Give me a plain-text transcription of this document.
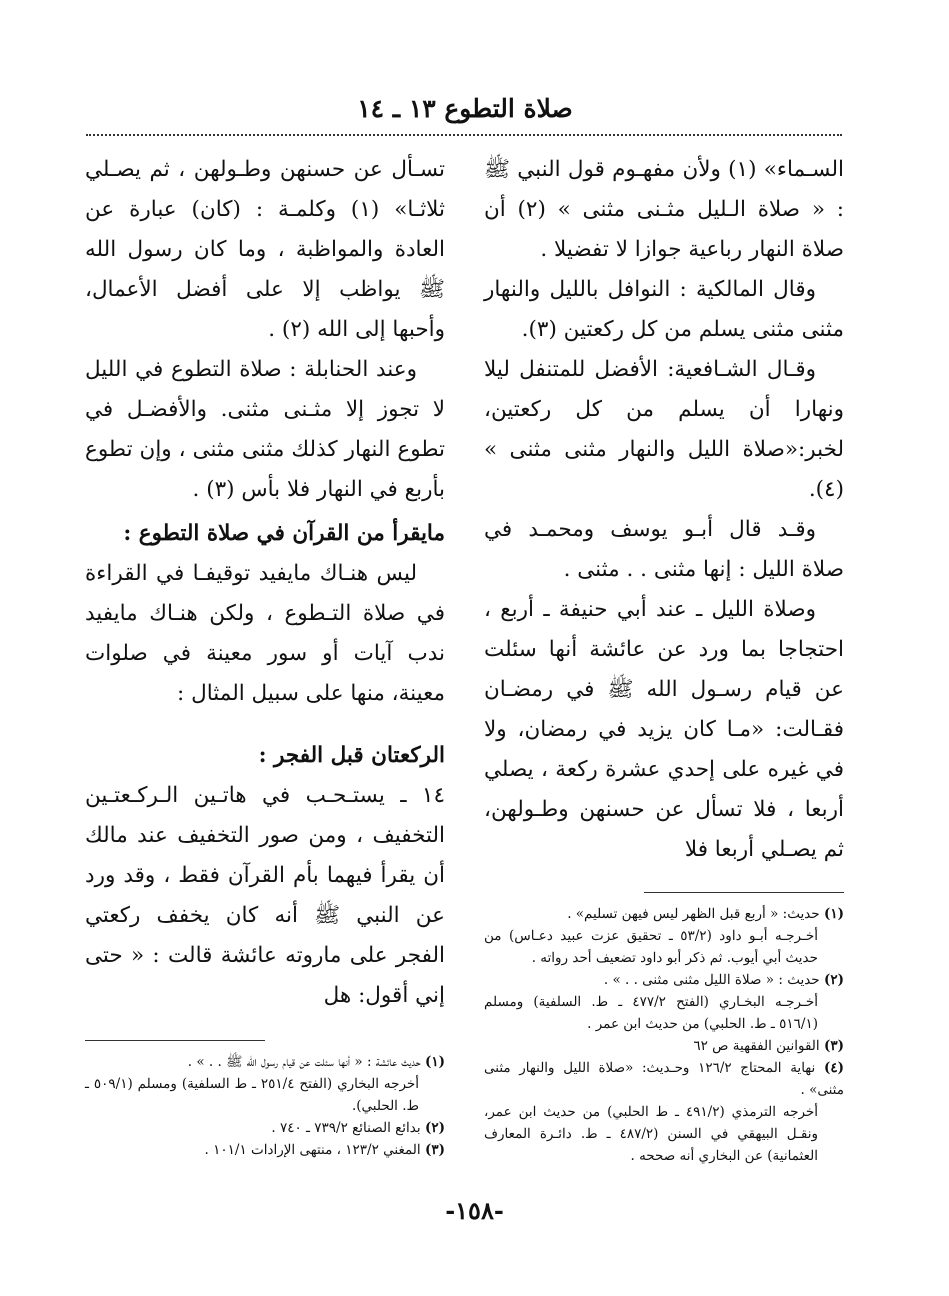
صلاة التطوع ١٣ ـ ١٤

السـماء» (١) ولأن مفهـوم قول النبي ﷺ : « صلاة الـليل مثـنى مثنى » (٢) أن صلاة النهار رباعية جوازا لا تفضيلا .

وقال المالكية : النوافل بالليل والنهار مثنى مثنى يسلم من كل ركعتين (٣).

وقـال الشـافعية: الأفضل للمتنفل ليلا ونهارا أن يسلم من كل ركعتين، لخبر:«صلاة الليل والنهار مثنى مثنى » (٤).

وقـد قال أبـو يوسف ومحمـد في صلاة الليل : إنها مثنى . . مثنى .

وصلاة الليل ـ عند أبي حنيفة ـ أربع ، احتجاجا بما ورد عن عائشة أنها سئلت عن قيام رسـول الله ﷺ في رمضـان فقـالت: «مـا كان يزيد في رمضان، ولا في غيره على إحدي عشرة ركعة ، يصلي أربعا ، فلا تسأل عن حسنهن وطـولهن، ثم يصـلي أربعا فلا

(١) حديث: « أربع قبل الظهر ليس فيهن تسليم» .
أخـرجـه أبـو داود (٥٣/٢ ـ تحقيق عزت عبيد دعـاس) من حديث أبي أيوب. ثم ذكر أبو داود تضعيف أحد رواته .

(٢) حديث : « صلاة الليل مثنى مثنى . . » .
أخـرجـه البخـاري (الفتح ٤٧٧/٢ ـ ط. السلفية) ومسلم (٥١٦/١ ـ ط. الحلبي) من حديث ابن عمر .

(٣) القوانين الفقهية ص ٦٢

(٤) نهاية المحتاج ١٢٦/٢ وحـديث: «صلاة الليل والنهار مثنى مثنى» .
أخرجه الترمذي (٤٩١/٢ ـ ط الحلبي) من حديث ابن عمر، ونقـل البيهقي في السنن (٤٨٧/٢ ـ ط. دائـرة المعارف العثمانية) عن البخاري أنه صححه .

تسـأل عن حسنهن وطـولهن ، ثم يصـلي ثلاثـا» (١) وكلمـة : (كان) عبارة عن العادة والمواظبة ، وما كان رسول الله ﷺ يواظب إلا على أفضل الأعمال، وأحبها إلى الله (٢) .

وعند الحنابلة : صلاة التطوع في الليل لا تجوز إلا مثـنى مثنى. والأفضـل في تطوع النهار كذلك مثنى مثنى ، وإن تطوع بأربع في النهار فلا بأس (٣) .

مايقرأ من القرآن في صلاة التطوع :

ليس هنـاك مايفيد توقيفـا في القراءة في صلاة التـطوع ، ولكن هنـاك مايفيد ندب آيات أو سور معينة في صلوات معينة، منها على سبيل المثال :

الركعتان قبل الفجر :

١٤ ـ يستـحـب في هاتـين الـركـعتـين التخفيف ، ومن صور التخفيف عند مالك أن يقرأ فيهما بأم القرآن فقط ، وقد ورد عن النبي ﷺ أنه كان يخفف ركعتي الفجر على ماروته عائشة قالت : « حتى إني أقول: هل

(١) حديث عائشة : « أنها سئلت عن قيام رسول الله ﷺ . . » .
أخرجه البخاري (الفتح ٢٥١/٤ ـ ط السلفية) ومسلم (٥٠٩/١ ـ ط. الحلبي).

(٢) بدائع الصنائع ٧٣٩/٢ ـ ٧٤٠ .

(٣) المغني ١٢٣/٢ ، منتهى الإرادات ١٠١/١ .

-١٥٨-
